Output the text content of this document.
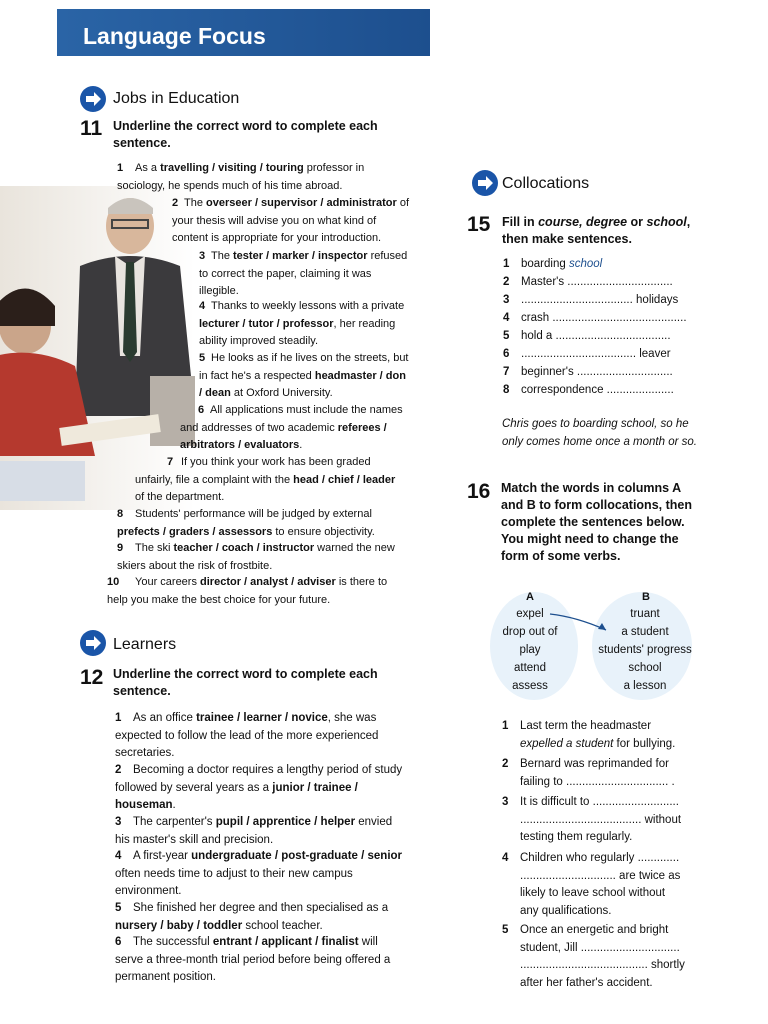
Language Focus
Jobs in Education
11 Underline the correct word to complete each sentence.
1 As a travelling / visiting / touring professor in sociology, he spends much of his time abroad.
2 The overseer / supervisor / administrator of your thesis will advise you on what kind of content is appropriate for your introduction.
3 The tester / marker / inspector refused to correct the paper, claiming it was illegible.
4 Thanks to weekly lessons with a private lecturer / tutor / professor, her reading ability improved steadily.
5 He looks as if he lives on the streets, but in fact he's a respected headmaster / don / dean at Oxford University.
6 All applications must include the names and addresses of two academic referees / arbitrators / evaluators.
7 If you think your work has been graded unfairly, file a complaint with the head / chief / leader of the department.
8 Students' performance will be judged by external prefects / graders / assessors to ensure objectivity.
9 The ski teacher / coach / instructor warned the new skiers about the risk of frostbite.
10 Your careers director / analyst / adviser is there to help you make the best choice for your future.
Learners
12 Underline the correct word to complete each sentence.
1 As an office trainee / learner / novice, she was expected to follow the lead of the more experienced secretaries.
2 Becoming a doctor requires a lengthy period of study followed by several years as a junior / trainee / houseman.
3 The carpenter's pupil / apprentice / helper envied his master's skill and precision.
4 A first-year undergraduate / post-graduate / senior often needs time to adjust to their new campus environment.
5 She finished her degree and then specialised as a nursery / baby / toddler school teacher.
6 The successful entrant / applicant / finalist will serve a three-month trial period before being offered a permanent position.
Collocations
15 Fill in course, degree or school, then make sentences.
1 boarding school
2 Master's .................................
3 ................................... holidays
4 crash ..........................................
5 hold a ....................................
6 .................................... leaver
7 beginner's ..............................
8 correspondence .....................
Chris goes to boarding school, so he only comes home once a month or so.
16 Match the words in columns A and B to form collocations, then complete the sentences below. You might need to change the form of some verbs.
A	B
expel
drop out of
play
attend
assess
truant
a student
students' progress
school
a lesson
1 Last term the headmaster
expelled a student for bullying.
2 Bernard was reprimanded for
failing to ................................ .
3 It is difficult to ...........................
...................................... without
testing them regularly.
4 Children who regularly .............
.............................. are twice as
likely to leave school without
any qualifications.
5 Once an energetic and bright
student, Jill ...............................
........................................ shortly
after her father's accident.
